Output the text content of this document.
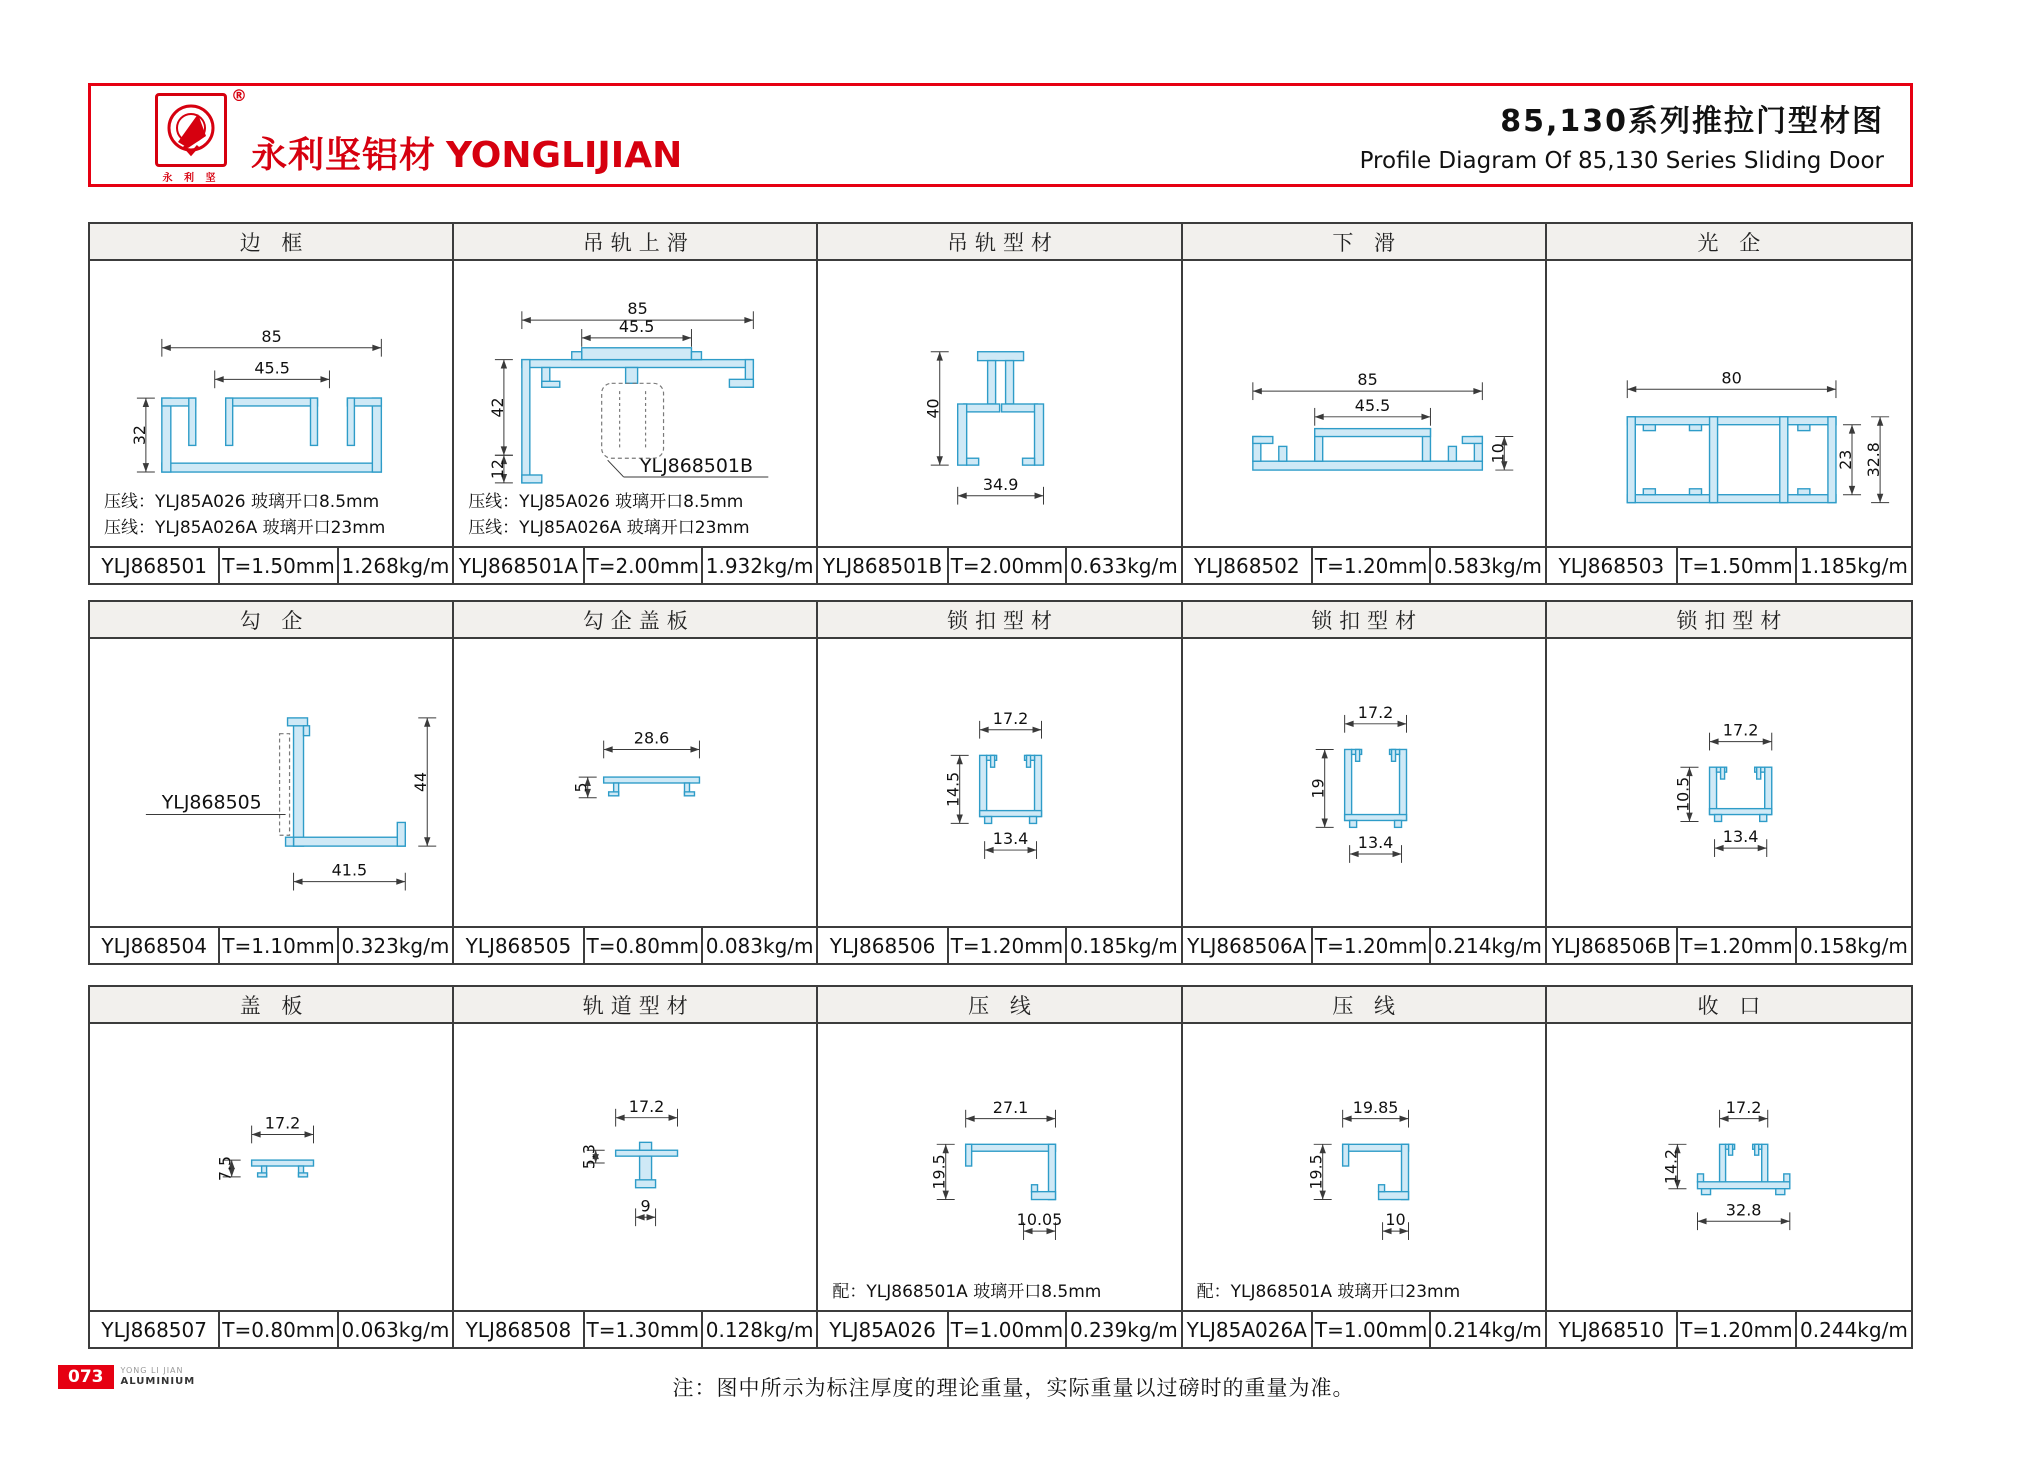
®
永 利 坚
永利坚铝材 YONGLIJIAN
85,130系列推拉门型材图
Profile Diagram Of 85,130 Series Sliding Door
边 框
85
45.5
32
压线：YLJ85A026 玻璃开口8.5mm
压线：YLJ85A026A 玻璃开口23mm
YLJ868501 T=1.50mm 1.268kg/m
吊轨上滑
YLJ868501B
85
45.5
42
12
压线：YLJ85A026 玻璃开口8.5mm
压线：YLJ85A026A 玻璃开口23mm
YLJ868501A T=2.00mm 1.932kg/m
吊轨型材
40
34.9
YLJ868501B T=2.00mm 0.633kg/m
下 滑
85
45.5
10
YLJ868502 T=1.20mm 0.583kg/m
光 企
80
23 32.8
YLJ868503 T=1.50mm 1.185kg/m
勾 企
YLJ868505
44
41.5
YLJ868504 T=1.10mm 0.323kg/m
勾企盖板
28.6
5
YLJ868505 T=0.80mm 0.083kg/m
锁扣型材
17.2
14.5
13.4
YLJ868506 T=1.20mm 0.185kg/m
锁扣型材
17.2
19
13.4
YLJ868506A T=1.20mm 0.214kg/m
锁扣型材
17.2
10.5
13.4
YLJ868506B T=1.20mm 0.158kg/m
盖 板
17.2
7.5
YLJ868507 T=0.80mm 0.063kg/m
轨道型材
17.2
5.3
9
YLJ868508 T=1.30mm 0.128kg/m
压 线
27.1
19.5
10.05
配：YLJ868501A 玻璃开口8.5mm
YLJ85A026 T=1.00mm 0.239kg/m
压 线
19.85
19.5
10
配：YLJ868501A 玻璃开口23mm
YLJ85A026A T=1.00mm 0.214kg/m
收 口
17.2
14.2
32.8
YLJ868510 T=1.20mm 0.244kg/m
注：图中所示为标注厚度的理论重量，实际重量以过磅时的重量为准。
073	YONG LI JIAN
ALUMINIUM
